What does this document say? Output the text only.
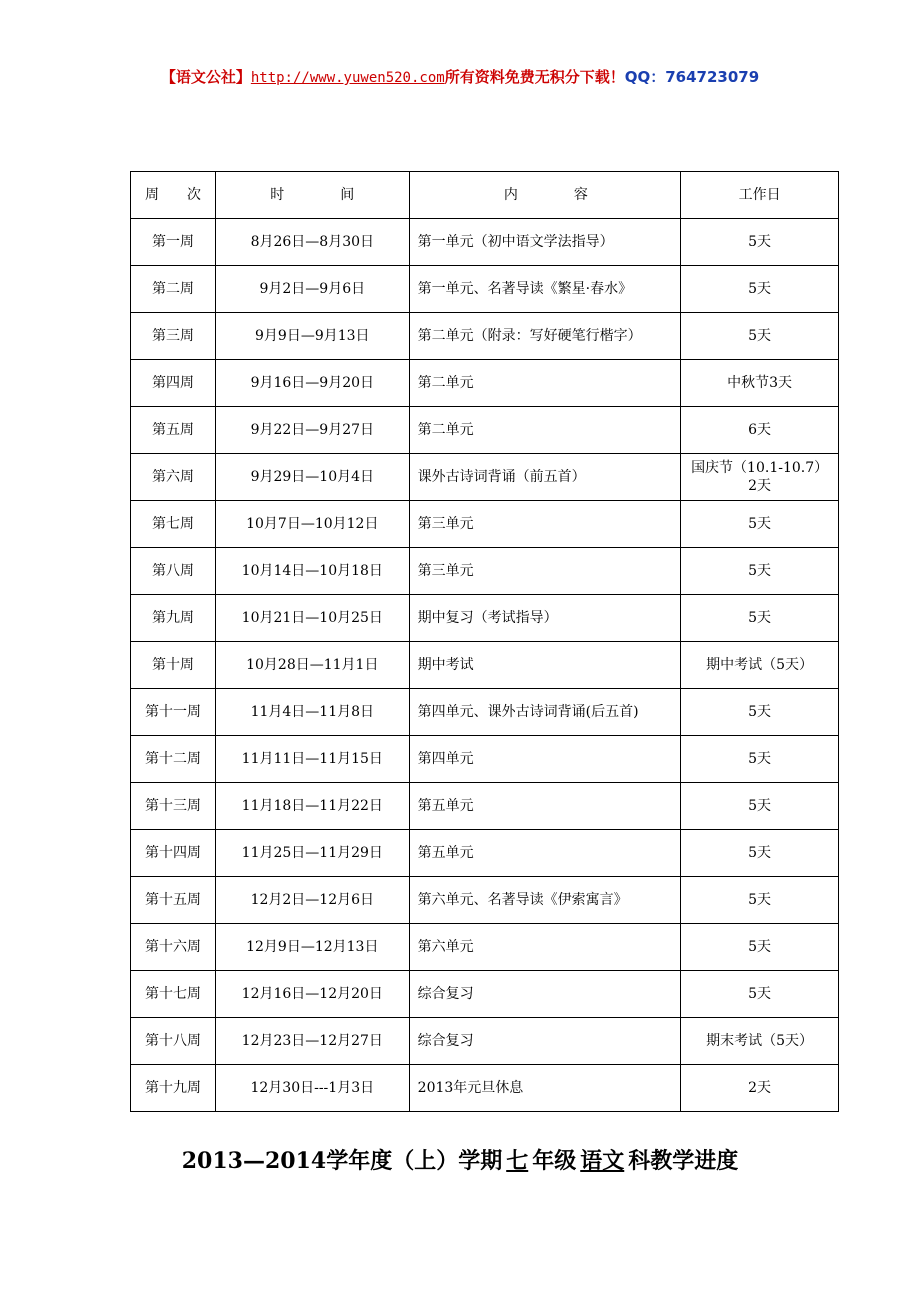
【语文公社】http://www.yuwen520.com所有资料免费无积分下载！QQ：764723079
周　　次	时　　　　间	内　　　　容	工作日
第一周	8月26日—8月30日	第一单元（初中语文学法指导）	5天
第二周	9月2日—9月6日	第一单元、名著导读《繁星·春水》	5天
第三周	9月9日—9月13日	第二单元（附录：写好硬笔行楷字）	5天
第四周	9月16日—9月20日	第二单元	中秋节3天
第五周	9月22日—9月27日	第二单元	6天
第六周	9月29日—10月4日	课外古诗词背诵（前五首）	国庆节（10.1-10.7）2天
第七周	10月7日—10月12日	第三单元	5天
第八周	10月14日—10月18日	第三单元	5天
第九周	10月21日—10月25日	期中复习（考试指导）	5天
第十周	10月28日—11月1日	期中考试	期中考试（5天）
第十一周	11月4日—11月8日	第四单元、课外古诗词背诵(后五首)	5天
第十二周	11月11日—11月15日	第四单元	5天
第十三周	11月18日—11月22日	第五单元	5天
第十四周	11月25日—11月29日	第五单元	5天
第十五周	12月2日—12月6日	第六单元、名著导读《伊索寓言》	5天
第十六周	12月9日—12月13日	第六单元	5天
第十七周	12月16日—12月20日	综合复习	5天
第十八周	12月23日—12月27日	综合复习	期末考试（5天）
第十九周	12月30日---1月3日	2013年元旦休息	2天
2013—2014学年度（上）学期 七 年级 语文 科教学进度
